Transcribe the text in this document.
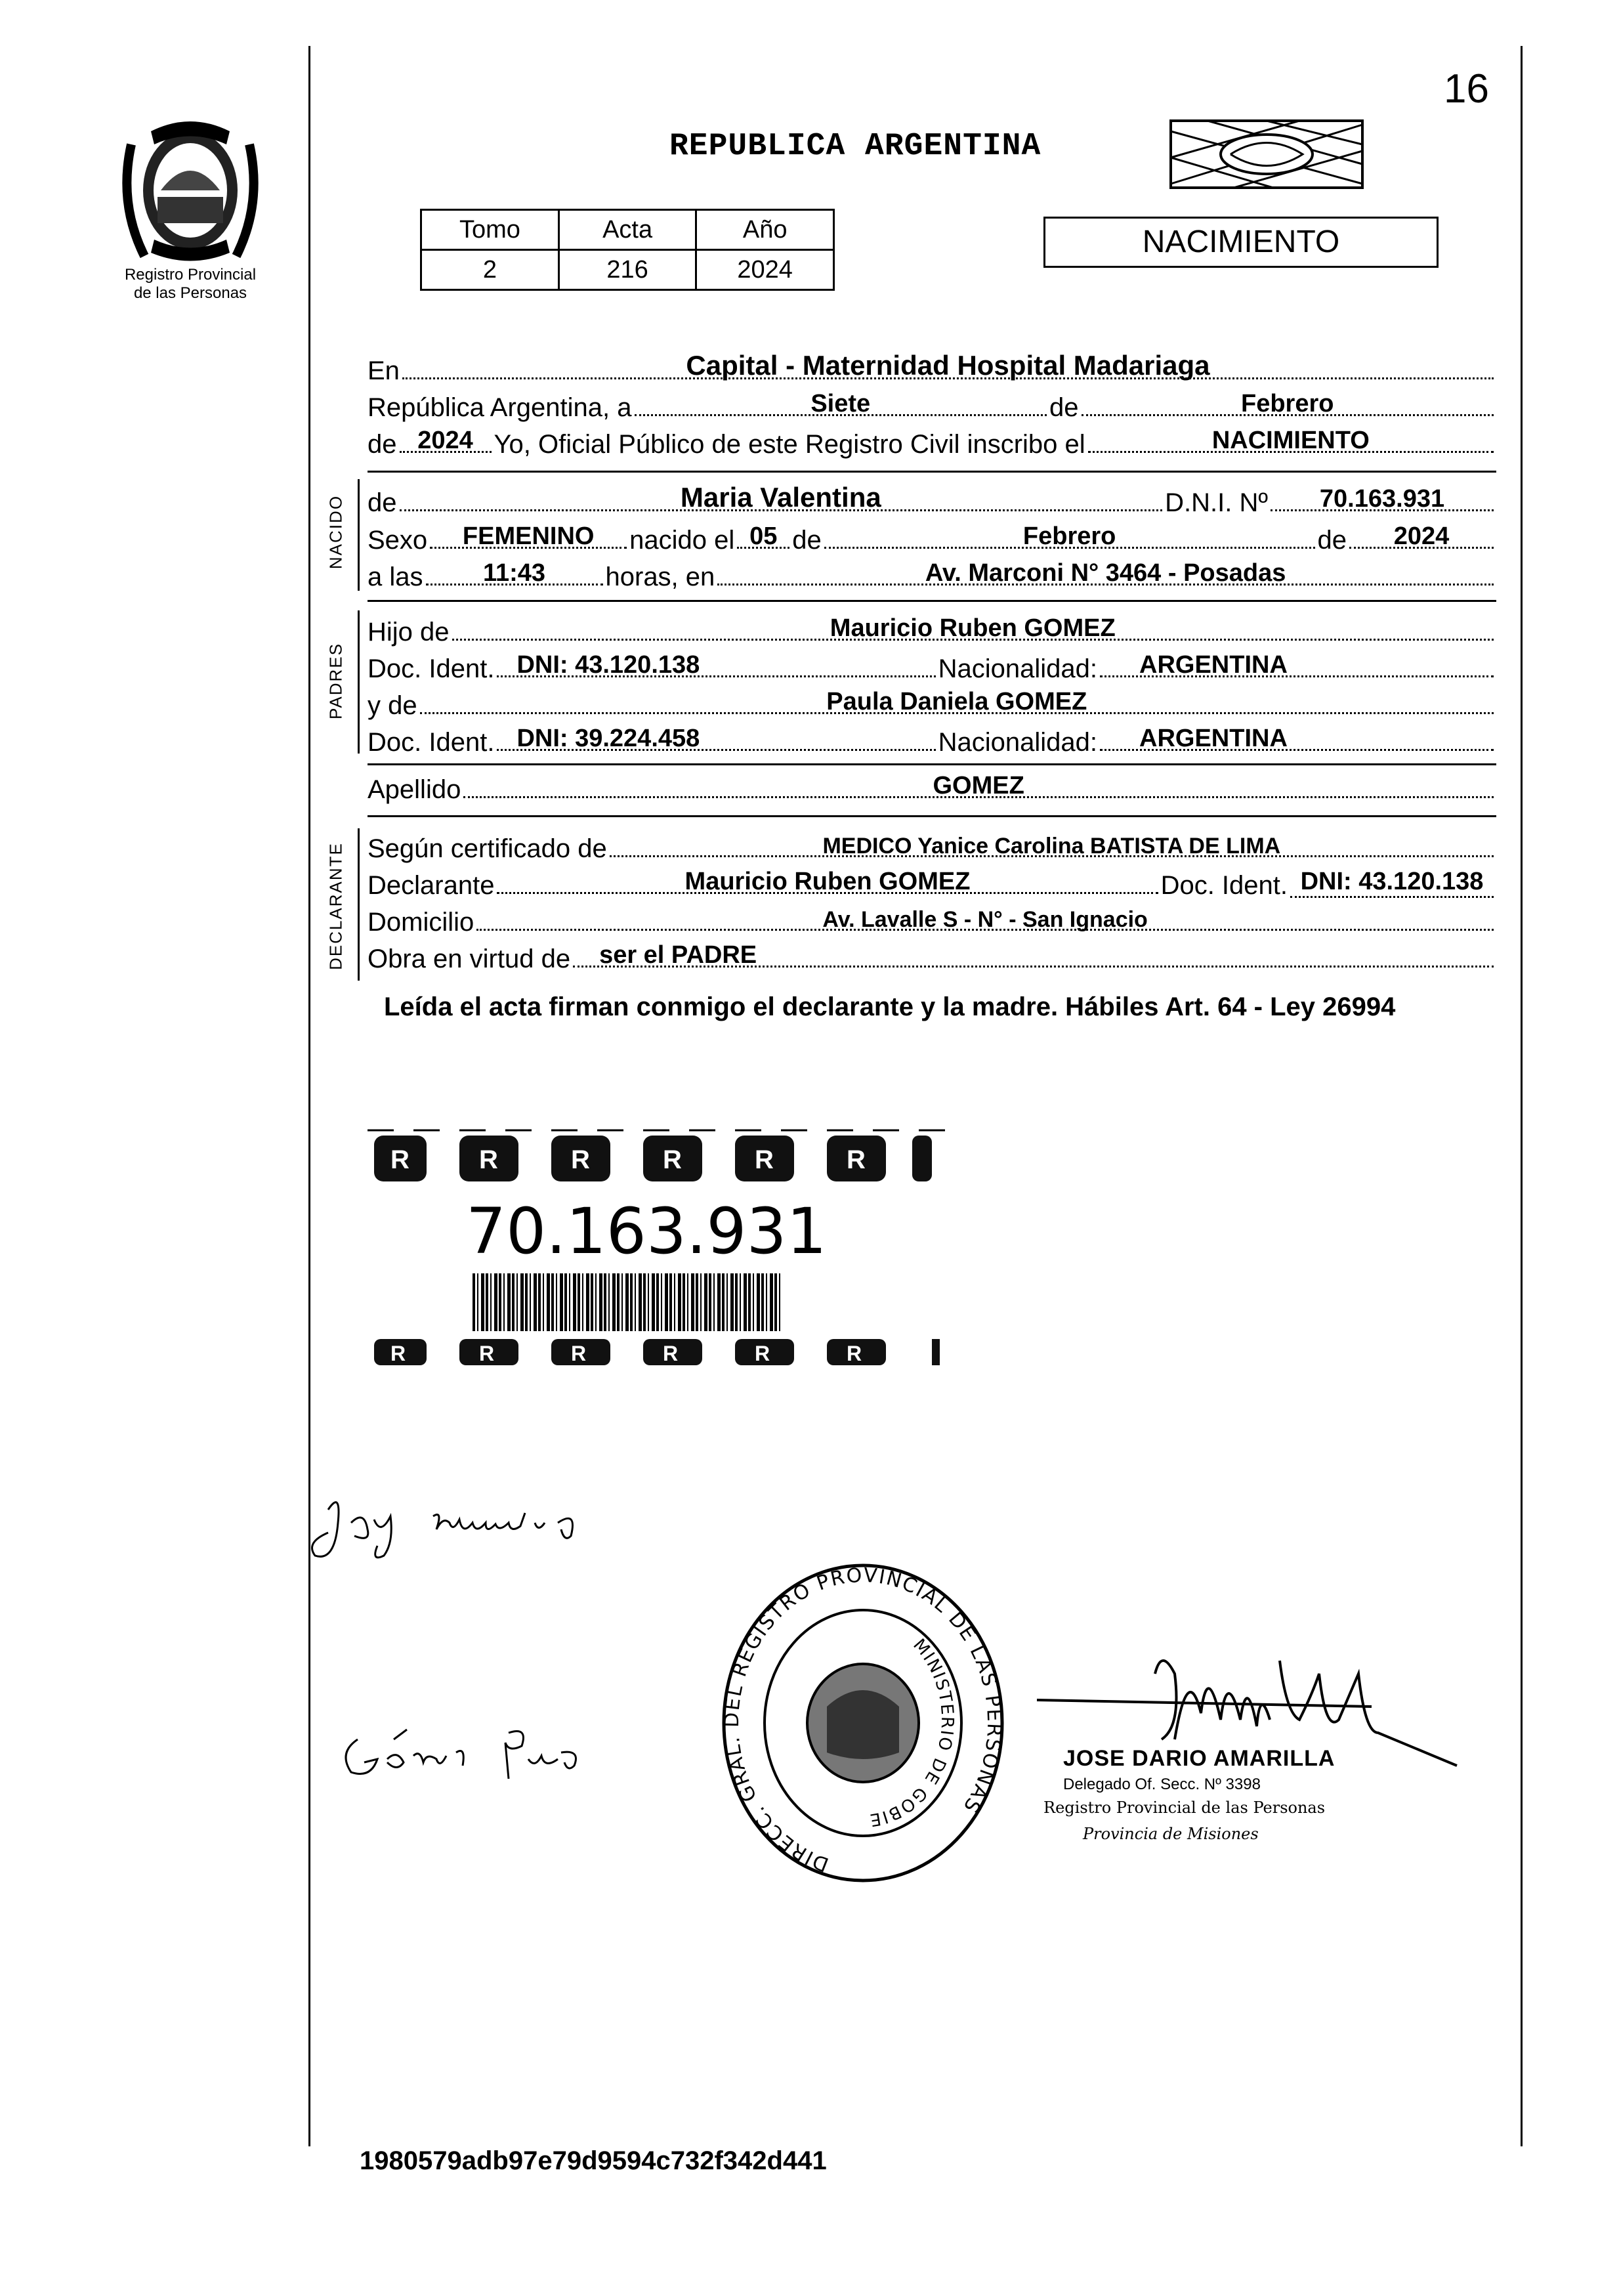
Registro Provincial
de las Personas
REPUBLICA ARGENTINA
16
Tomo	Acta	Año
2	216	2024
NACIMIENTO
En	Capital - Maternidad Hospital Madariaga
República Argentina, a	Siete	de	Febrero
de 2024 Yo, Oficial Público de este Registro Civil inscribo el	NACIMIENTO
NACIDO de	Maria Valentina	D.N.I. Nº	70.163.931
Sexo	FEMENINO	nacido el 05 de	Febrero	de	2024
a las	11:43	horas, en	Av. Marconi N° 3464 - Posadas
PADRES
Hijo de	Mauricio Ruben GOMEZ
Doc. Ident. DNI: 43.120.138	Nacionalidad: ARGENTINA
y de	Paula Daniela GOMEZ
Doc. Ident. DNI: 39.224.458	Nacionalidad: ARGENTINA
Apellido	GOMEZ
DECLARANTE Según certificado de	MEDICO Yanice Carolina BATISTA DE LIMA
Declarante	Mauricio Ruben GOMEZ	Doc. Ident. DNI: 43.120.138
Domicilio	Av. Lavalle S - N° - San Ignacio
Obra en virtud de ser el PADRE
Leída el acta firman conmigo el declarante y la madre. Hábiles Art. 64 - Ley 26994
R	R	R	R	R	R
R	R	R	R	R	R
70.163.931
DIRECC. GRAL. DEL REGISTRO PROVINCIAL DE LAS PERSONAS
MINISTERIO DE GOBIE
JOSE DARIO AMARILLA
Delegado Of. Secc. Nº 3398
Registro Provincial de las Personas
Provincia de Misiones
1980579adb97e79d9594c732f342d441
